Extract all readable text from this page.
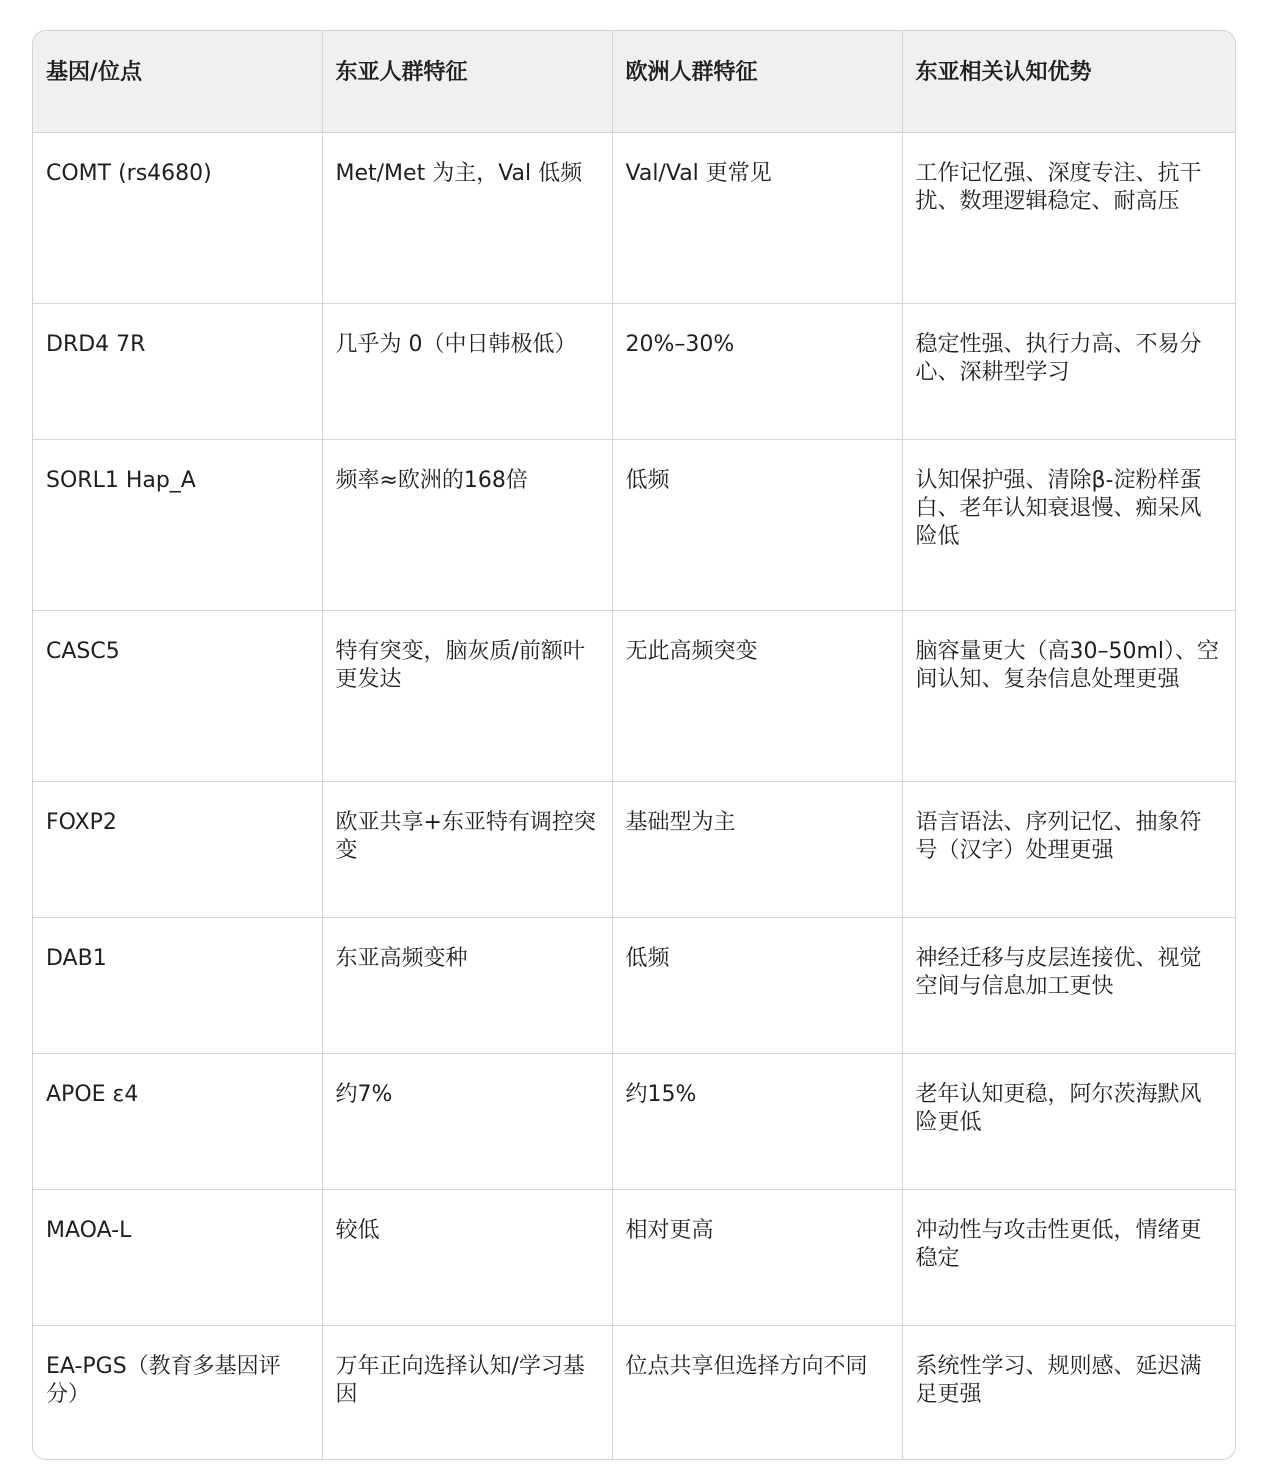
基因/位点	东亚人群特征	欧洲人群特征	东亚相关认知优势
COMT (rs4680)	Met/Met 为主，Val 低频	Val/Val 更常见	工作记忆强、深度专注、抗干扰、数理逻辑稳定、耐高压
DRD4 7R	几乎为 0（中日韩极低）	20%–30%	稳定性强、执行力高、不易分心、深耕型学习
SORL1 Hap_A	频率≈欧洲的168倍	低频	认知保护强、清除β-淀粉样蛋白、老年认知衰退慢、痴呆风险低
CASC5	特有突变，脑灰质/前额叶更发达	无此高频突变	脑容量更大（高30–50ml）、空间认知、复杂信息处理更强
FOXP2	欧亚共享+东亚特有调控突变	基础型为主	语言语法、序列记忆、抽象符号（汉字）处理更强
DAB1	东亚高频变种	低频	神经迁移与皮层连接优、视觉空间与信息加工更快
APOE ε4	约7%	约15%	老年认知更稳，阿尔茨海默风险更低
MAOA-L	较低	相对更高	冲动性与攻击性更低，情绪更稳定
EA-PGS（教育多基因评分）	万年正向选择认知/学习基因	位点共享但选择方向不同	系统性学习、规则感、延迟满足更强
